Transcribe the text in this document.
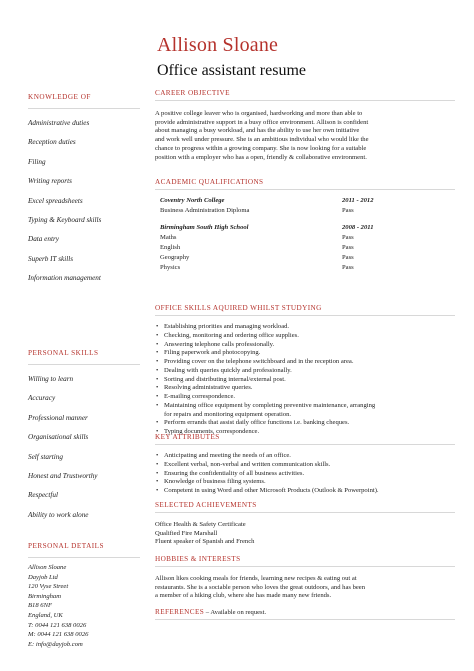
Allison Sloane
Office assistant resume
KNOWLEDGE OF
Administrative duties
Reception duties
Filing
Writing reports
Excel spreadsheets
Typing & Keyboard skills
Data entry
Superb IT skills
Information management
PERSONAL SKILLS
Willing to learn
Accuracy
Professional manner
Organisational skills
Self starting
Honest and Trustworthy
Respectful
Ability to work alone
PERSONAL DETAILS
Allison Sloane
Dayjob Ltd
120 Vyse Street
Birmingham
B18 6NF
England, UK
T: 0044 121 638 0026
M: 0044 121 638 0026
E: info@dayjob.com
CAREER OBJECTIVE
A positive college leaver who is organised, hardworking and more than able to
provide administrative support in a busy office environment. Allison is confident
about managing a busy workload, and has the ability to use her own initiative
and work well under pressure. She is an ambitious individual who would like the
chance to progress within a growing company. She is now looking for a suitable
position with a employer who has a open, friendly & collaborative environment.
ACADEMIC QUALIFICATIONS
Coventry North College	2011 - 2012
Business Administration Diploma	Pass
Birmingham South High School	2008 - 2011
Maths	Pass
English	Pass
Geography	Pass
Physics	Pass
OFFICE SKILLS AQUIRED WHILST STUDYING
• Establishing priorities and managing workload.
• Checking, monitoring and ordering office supplies.
• Answering telephone calls professionally.
• Filing paperwork and photocopying.
• Providing cover on the telephone switchboard and in the reception area.
• Dealing with queries quickly and professionally.
• Sorting and distributing internal/external post.
• Resolving administrative queries.
• E-mailing correspondence.
• Maintaining office equipment by completing preventive maintenance, arranging
for repairs and monitoring equipment operation.
• Perform errands that assist daily office functions i.e. banking cheques.
• Typing documents, correspondence.
KEY ATTRIBUTES
• Anticipating and meeting the needs of an office.
• Excellent verbal, non-verbal and written communication skills.
• Ensuring the confidentiality of all business activities.
• Knowledge of business filing systems.
• Competent in using Word and other Microsoft Products (Outlook & Powerpoint).
SELECTED ACHIEVEMENTS
Office Health & Safety Certificate
Qualified Fire Marshall
Fluent speaker of Spanish and French
HOBBIES & INTERESTS
Allison likes cooking meals for friends, learning new recipes & eating out at
restaurants. She is a sociable person who loves the great outdoors, and has been
a member of a hiking club, where she has made many new friends.
REFERENCES – Available on request.
